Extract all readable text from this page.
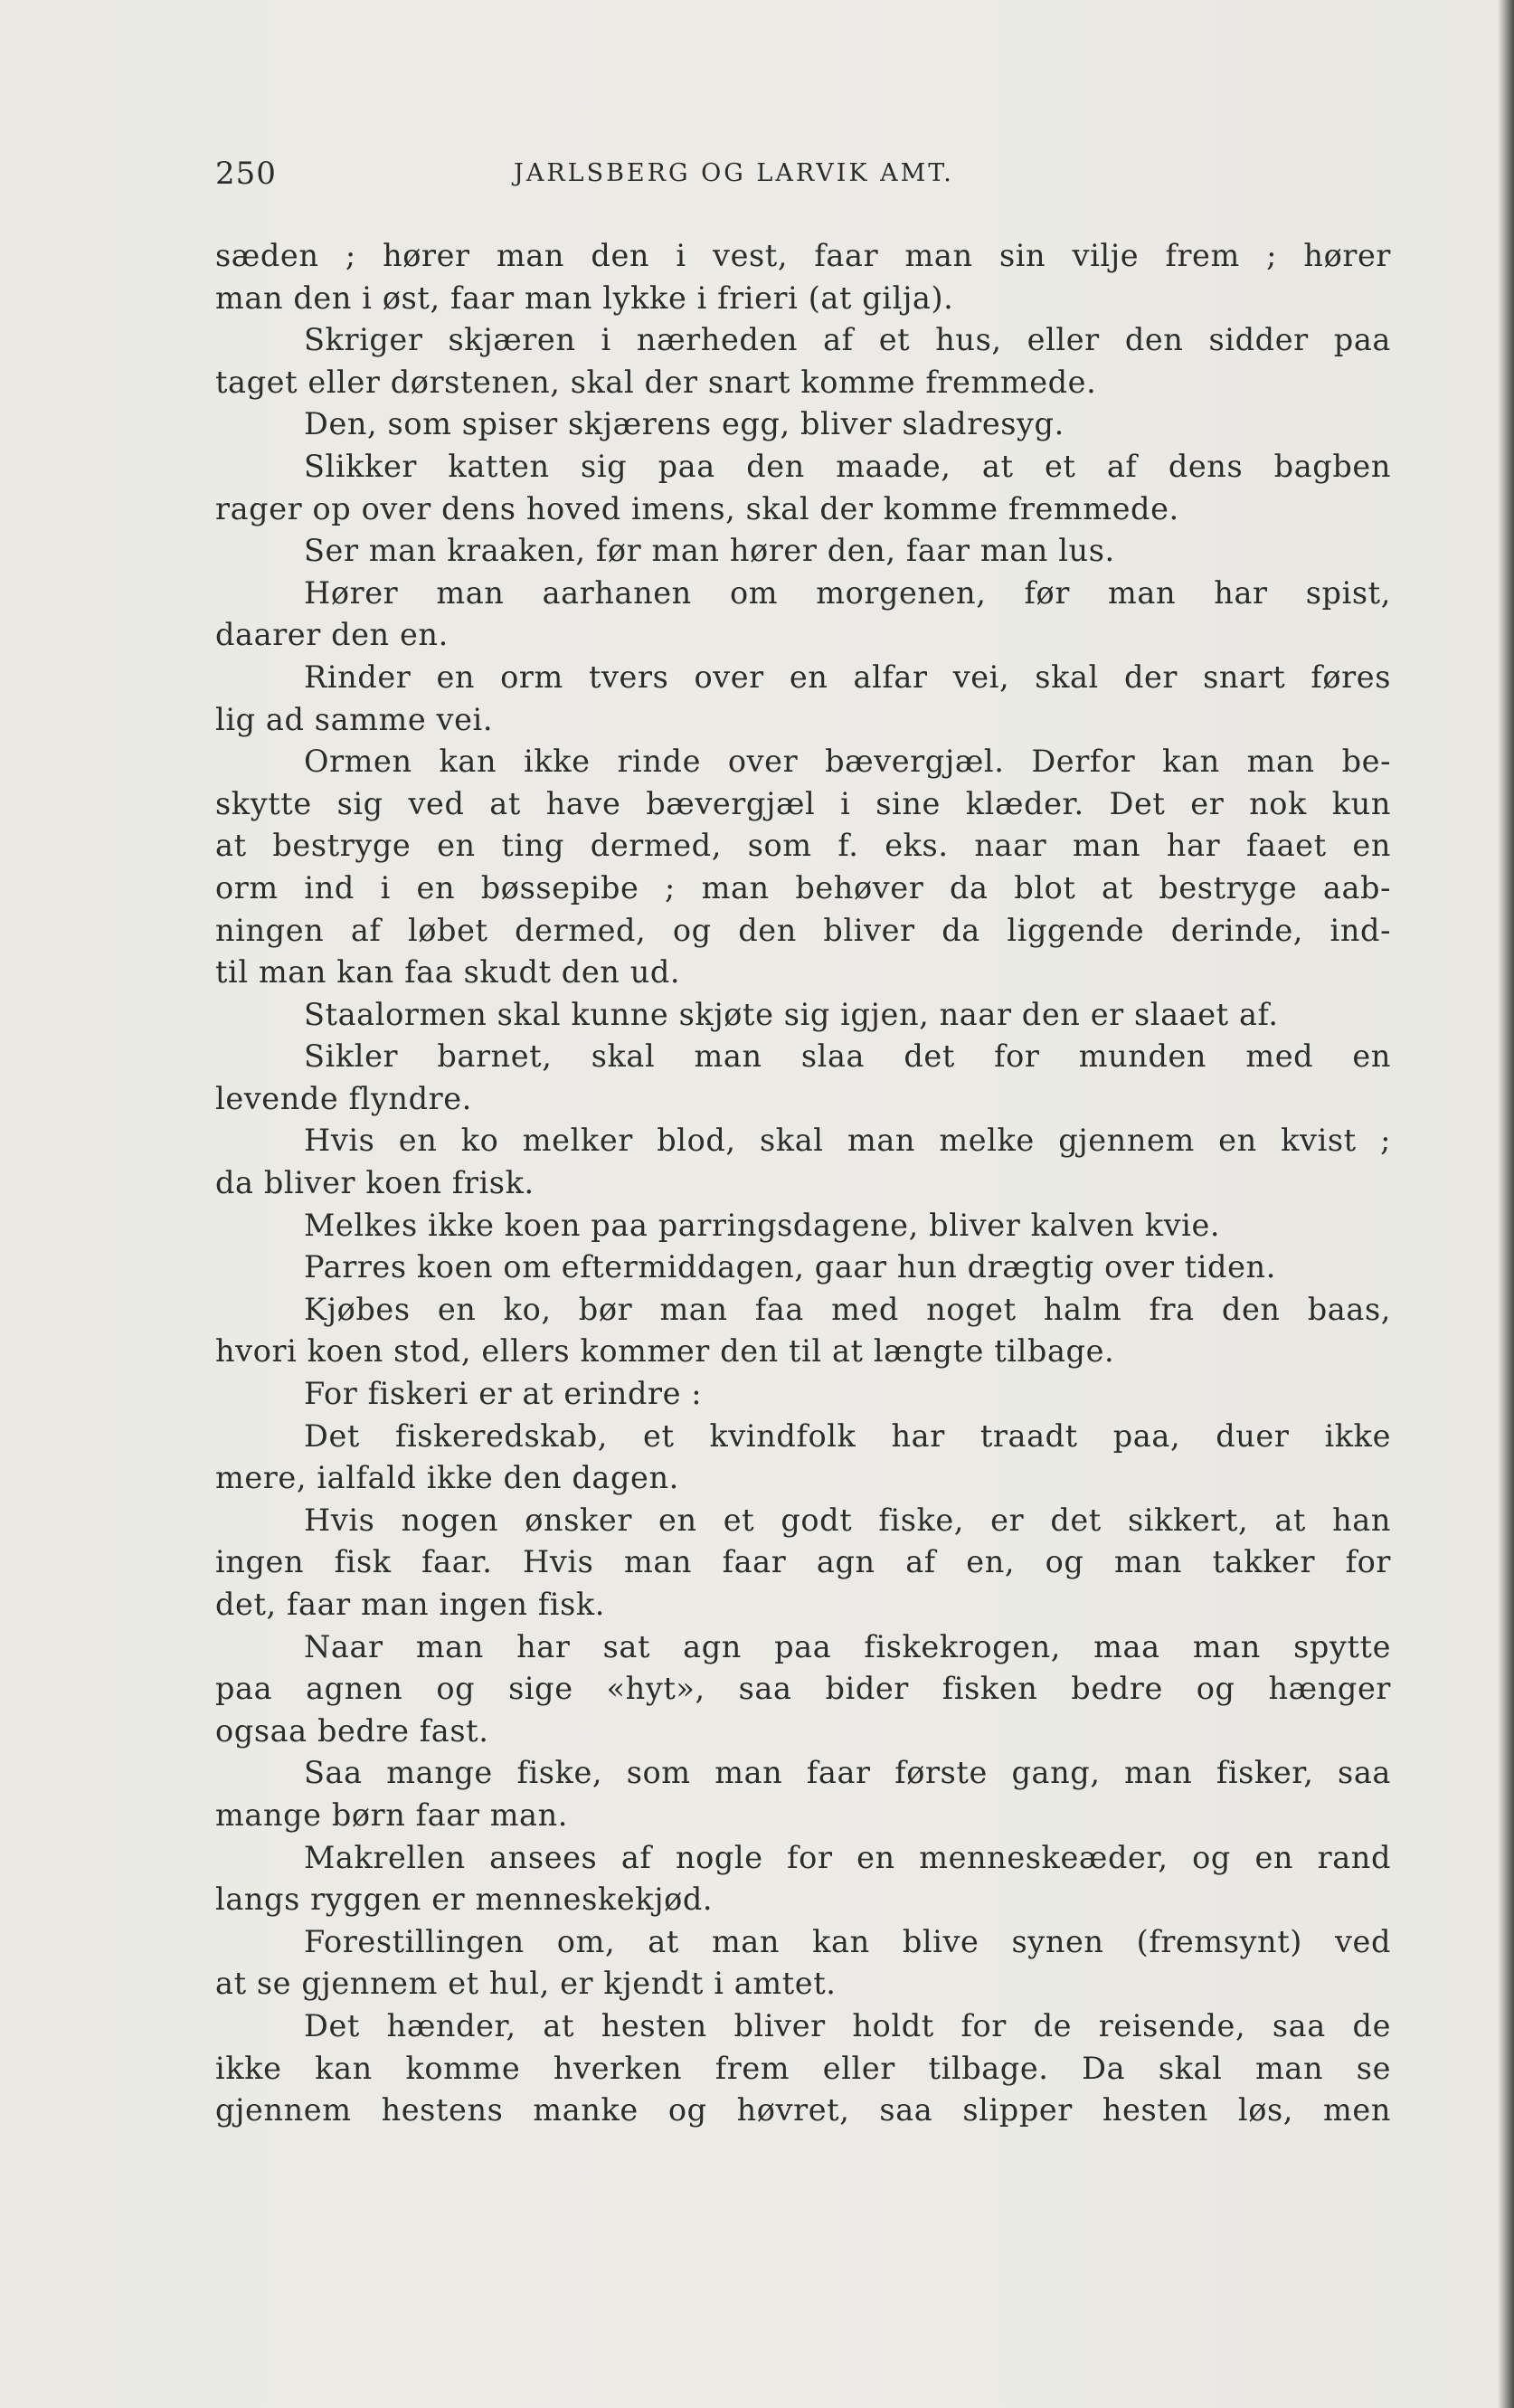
250	JARLSBERG OG LARVIK AMT.
sæden ; hører man den i vest, faar man sin vilje frem ; hører
man den i øst, faar man lykke i frieri (at gilja).
Skriger skjæren i nærheden af et hus, eller den sidder paa
taget eller dørstenen, skal der snart komme fremmede.
Den, som spiser skjærens egg, bliver sladresyg.
Slikker katten sig paa den maade, at et af dens bagben
rager op over dens hoved imens, skal der komme fremmede.
Ser man kraaken, før man hører den, faar man lus.
Hører man aarhanen om morgenen, før man har spist,
daarer den en.
Rinder en orm tvers over en alfar vei, skal der snart føres
lig ad samme vei.
Ormen kan ikke rinde over bævergjæl. Derfor kan man be-
skytte sig ved at have bævergjæl i sine klæder. Det er nok kun
at bestryge en ting dermed, som f. eks. naar man har faaet en
orm ind i en bøssepibe ; man behøver da blot at bestryge aab-
ningen af løbet dermed, og den bliver da liggende derinde, ind-
til man kan faa skudt den ud.
Staalormen skal kunne skjøte sig igjen, naar den er slaaet af.
Sikler barnet, skal man slaa det for munden med en
levende flyndre.
Hvis en ko melker blod, skal man melke gjennem en kvist ;
da bliver koen frisk.
Melkes ikke koen paa parringsdagene, bliver kalven kvie.
Parres koen om eftermiddagen, gaar hun drægtig over tiden.
Kjøbes en ko, bør man faa med noget halm fra den baas,
hvori koen stod, ellers kommer den til at længte tilbage.
For fiskeri er at erindre :
Det fiskeredskab, et kvindfolk har traadt paa, duer ikke
mere, ialfald ikke den dagen.
Hvis nogen ønsker en et godt fiske, er det sikkert, at han
ingen fisk faar. Hvis man faar agn af en, og man takker for
det, faar man ingen fisk.
Naar man har sat agn paa fiskekrogen, maa man spytte
paa agnen og sige «hyt», saa bider fisken bedre og hænger
ogsaa bedre fast.
Saa mange fiske, som man faar første gang, man fisker, saa
mange børn faar man.
Makrellen ansees af nogle for en menneskeæder, og en rand
langs ryggen er menneskekjød.
Forestillingen om, at man kan blive synen (fremsynt) ved
at se gjennem et hul, er kjendt i amtet.
Det hænder, at hesten bliver holdt for de reisende, saa de
ikke kan komme hverken frem eller tilbage. Da skal man se
gjennem hestens manke og høvret, saa slipper hesten løs, men
